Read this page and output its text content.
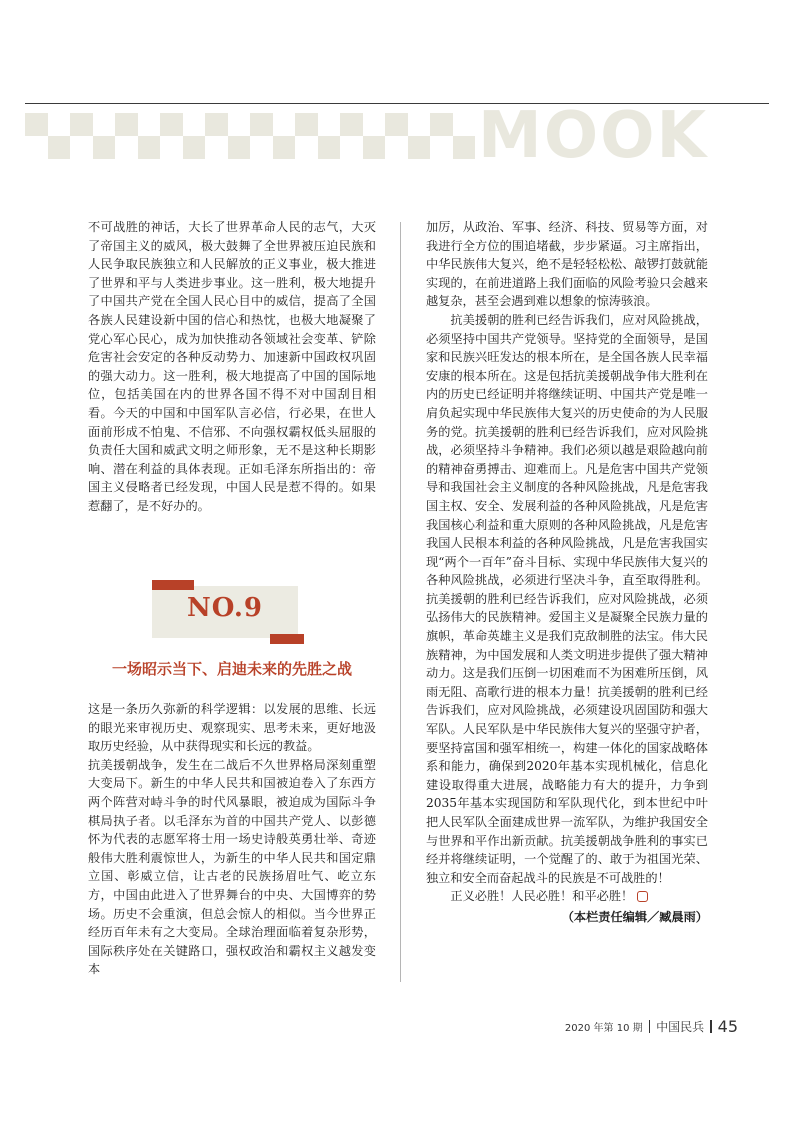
MOOK
不可战胜的神话，大长了世界革命人民的志气，大灭了帝国主义的威风，极大鼓舞了全世界被压迫民族和人民争取民族独立和人民解放的正义事业，极大推进了世界和平与人类进步事业。这一胜利，极大地提升了中国共产党在全国人民心目中的威信，提高了全国各族人民建设新中国的信心和热忱，也极大地凝聚了党心军心民心，成为加快推动各领域社会变革、铲除危害社会安定的各种反动势力、加速新中国政权巩固的强大动力。这一胜利，极大地提高了中国的国际地位，包括美国在内的世界各国不得不对中国刮目相看。今天的中国和中国军队言必信，行必果，在世人面前形成不怕鬼、不信邪、不向强权霸权低头屈服的负责任大国和威武文明之师形象，无不是这种长期影响、潜在利益的具体表现。正如毛泽东所指出的：帝国主义侵略者已经发现，中国人民是惹不得的。如果惹翻了，是不好办的。
NO.9
一场昭示当下、启迪未来的先胜之战

这是一条历久弥新的科学逻辑：以发展的思维、长远的眼光来审视历史、观察现实、思考未来，更好地汲取历史经验，从中获得现实和长远的教益。

抗美援朝战争，发生在二战后不久世界格局深刻重塑大变局下。新生的中华人民共和国被迫卷入了东西方两个阵营对峙斗争的时代风暴眼，被迫成为国际斗争棋局执子者。以毛泽东为首的中国共产党人、以彭德怀为代表的志愿军将士用一场史诗般英勇壮举、奇迹般伟大胜利震惊世人，为新生的中华人民共和国定鼎立国、彰威立信，让古老的民族扬眉吐气、屹立东方，中国由此进入了世界舞台的中央、大国博弈的势场。历史不会重演，但总会惊人的相似。当今世界正经历百年未有之大变局。全球治理面临着复杂形势，国际秩序处在关键路口，强权政治和霸权主义越发变本

加厉，从政治、军事、经济、科技、贸易等方面，对我进行全方位的围追堵截，步步紧逼。习主席指出，中华民族伟大复兴，绝不是轻轻松松、敲锣打鼓就能实现的，在前进道路上我们面临的风险考验只会越来越复杂，甚至会遇到难以想象的惊涛骇浪。

抗美援朝的胜利已经告诉我们，应对风险挑战，必须坚持中国共产党领导。坚持党的全面领导，是国家和民族兴旺发达的根本所在，是全国各族人民幸福安康的根本所在。这是包括抗美援朝战争伟大胜利在内的历史已经证明并将继续证明、中国共产党是唯一肩负起实现中华民族伟大复兴的历史使命的为人民服务的党。抗美援朝的胜利已经告诉我们，应对风险挑战，必须坚持斗争精神。我们必须以越是艰险越向前的精神奋勇搏击、迎难而上。凡是危害中国共产党领导和我国社会主义制度的各种风险挑战，凡是危害我国主权、安全、发展利益的各种风险挑战，凡是危害我国核心利益和重大原则的各种风险挑战，凡是危害我国人民根本利益的各种风险挑战，凡是危害我国实现“两个一百年”奋斗目标、实现中华民族伟大复兴的各种风险挑战，必须进行坚决斗争，直至取得胜利。抗美援朝的胜利已经告诉我们，应对风险挑战，必须弘扬伟大的民族精神。爱国主义是凝聚全民族力量的旗帜，革命英雄主义是我们克敌制胜的法宝。伟大民族精神，为中国发展和人类文明进步提供了强大精神动力。这是我们压倒一切困难而不为困难所压倒，风雨无阻、高歌行进的根本力量！抗美援朝的胜利已经告诉我们，应对风险挑战，必须建设巩固国防和强大军队。人民军队是中华民族伟大复兴的坚强守护者，要坚持富国和强军相统一，构建一体化的国家战略体系和能力，确保到2020年基本实现机械化，信息化建设取得重大进展，战略能力有大的提升，力争到2035年基本实现国防和军队现代化，到本世纪中叶把人民军队全面建成世界一流军队，为维护我国安全与世界和平作出新贡献。抗美援朝战争胜利的事实已经并将继续证明，一个觉醒了的、敢于为祖国光荣、独立和安全而奋起战斗的民族是不可战胜的！

正义必胜！人民必胜！和平必胜！

（本栏责任编辑／臧晨雨）
2020 年第 10 期 中国民兵 45
